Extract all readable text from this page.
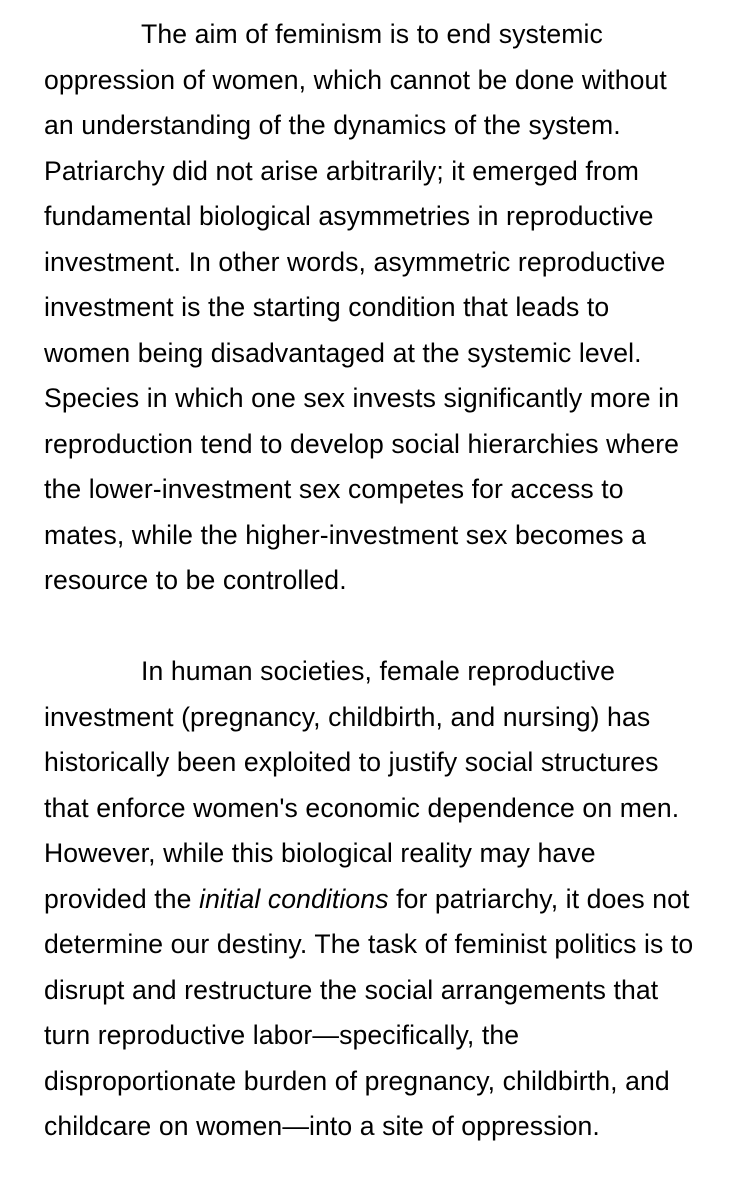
The aim of feminism is to end systemic oppression of women, which cannot be done without an understanding of the dynamics of the system. Patriarchy did not arise arbitrarily; it emerged from fundamental biological asymmetries in reproductive investment. In other words, asymmetric reproductive investment is the starting condition that leads to women being disadvantaged at the systemic level. Species in which one sex invests significantly more in reproduction tend to develop social hierarchies where the lower-investment sex competes for access to mates, while the higher-investment sex becomes a resource to be controlled.

In human societies, female reproductive investment (pregnancy, childbirth, and nursing) has historically been exploited to justify social structures that enforce women's economic dependence on men. However, while this biological reality may have provided the initial conditions for patriarchy, it does not determine our destiny. The task of feminist politics is to disrupt and restructure the social arrangements that turn reproductive labor—specifically, the disproportionate burden of pregnancy, childbirth, and childcare on women—into a site of oppression.
